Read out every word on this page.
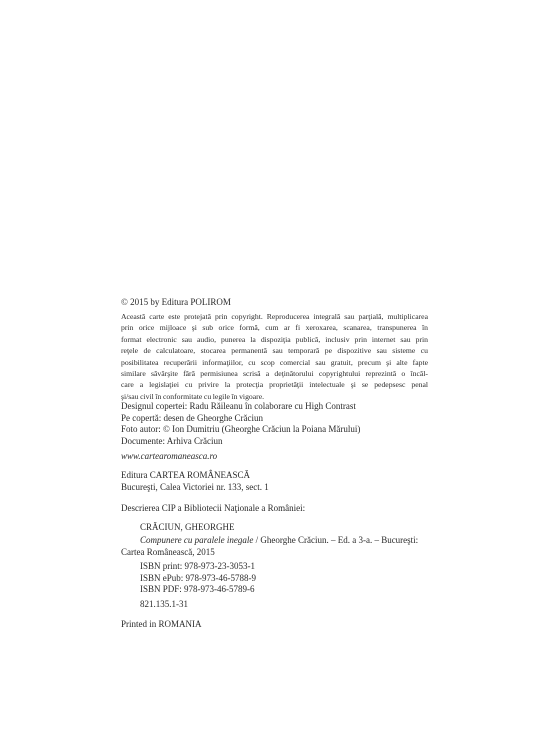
© 2015 by Editura POLIROM
Această carte este protejată prin copyright. Reproducerea integrală sau parţială, multiplicarea
prin orice mijloace şi sub orice formă, cum ar fi xeroxarea, scanarea, transpunerea în
format electronic sau audio, punerea la dispoziţia publică, inclusiv prin internet sau prin
reţele de calculatoare, stocarea permanentă sau temporară pe dispozitive sau sisteme cu
posibilitatea recuperării informaţiilor, cu scop comercial sau gratuit, precum şi alte fapte
similare săvârşite fără permisiunea scrisă a deţinătorului copyrightului reprezintă o încăl-
care a legislaţiei cu privire la protecţia proprietăţii intelectuale şi se pedepsesc penal
şi/sau civil în conformitate cu legile în vigoare.
Designul copertei: Radu Răileanu în colaborare cu High Contrast
Pe copertă: desen de Gheorghe Crăciun
Foto autor: © Ion Dumitriu (Gheorghe Crăciun la Poiana Mărului)
Documente: Arhiva Crăciun
www.cartearomaneasca.ro
Editura CARTEA ROMÂNEASCĂ
Bucureşti, Calea Victoriei nr. 133, sect. 1
Descrierea CIP a Bibliotecii Naţionale a României:
CRĂCIUN, GHEORGHE
Compunere cu paralele inegale / Gheorghe Crăciun. – Ed. a 3-a. – Bucureşti:
Cartea Românească, 2015
ISBN print: 978-973-23-3053-1
ISBN ePub: 978-973-46-5788-9
ISBN PDF: 978-973-46-5789-6
821.135.1-31
Printed in ROMANIA
